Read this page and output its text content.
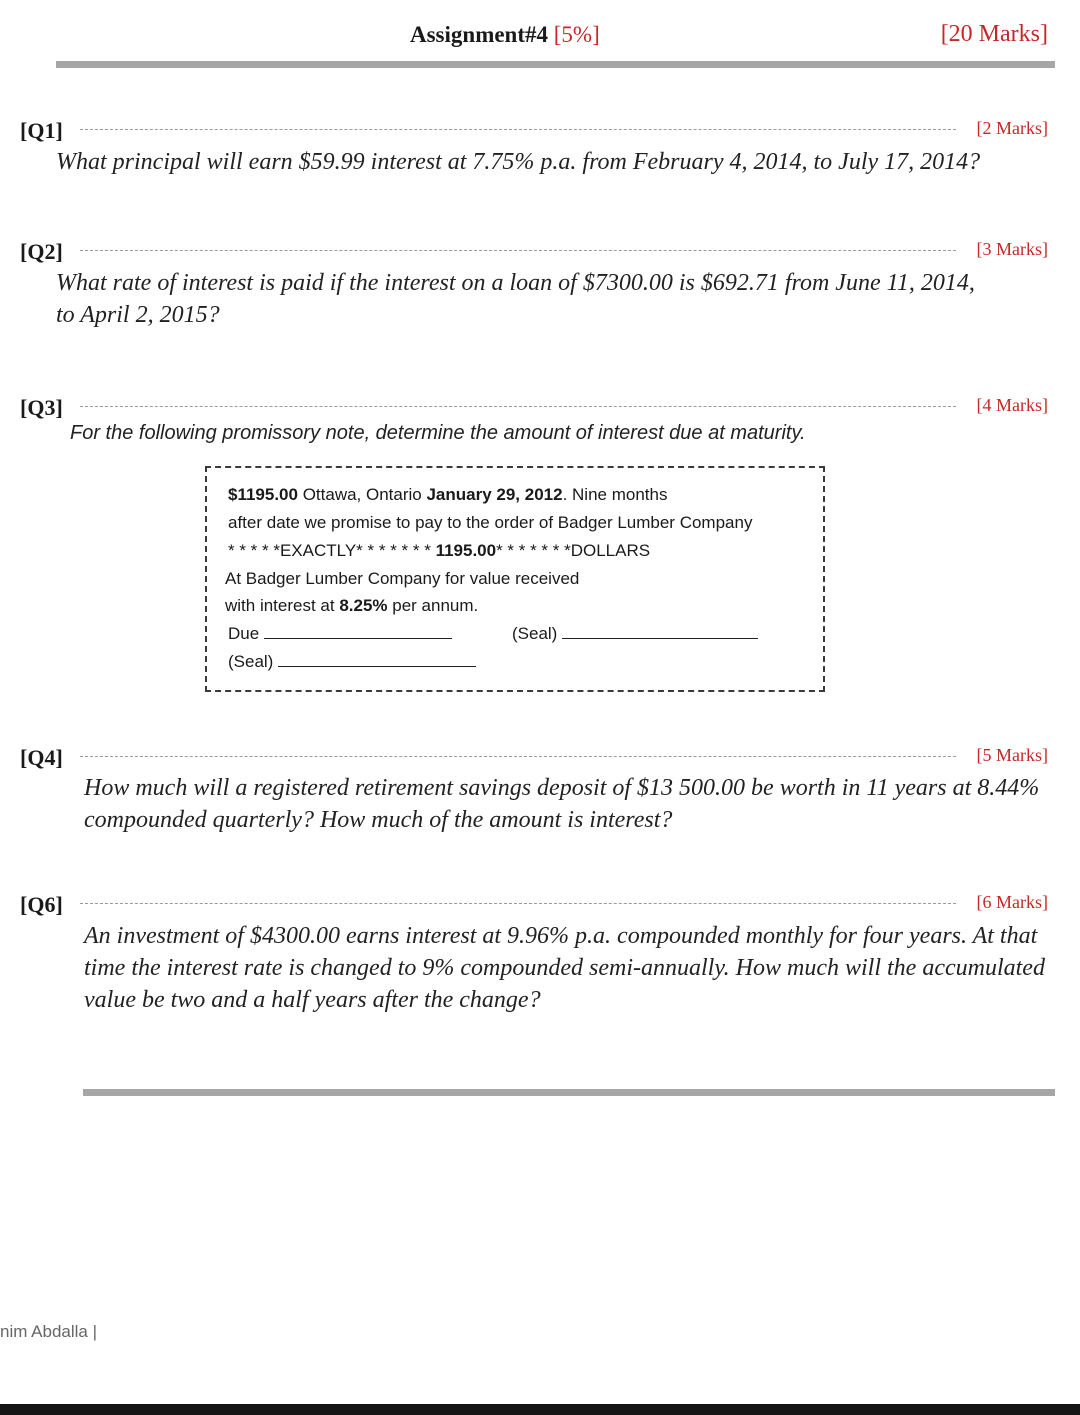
Assignment#4 [5%]	[20 Marks]
[Q1]	[2 Marks]
What principal will earn $59.99 interest at 7.75% p.a. from February 4, 2014, to July 17, 2014?
[Q2]	[3 Marks]
What rate of interest is paid if the interest on a loan of $7300.00 is $692.71 from June 11, 2014,
to April 2, 2015?
[Q3]	[4 Marks]
For the following promissory note, determine the amount of interest due at maturity.
$1195.00 Ottawa, Ontario January 29, 2012. Nine months
after date we promise to pay to the order of Badger Lumber Company
* * * * *EXACTLY* * * * * * * 1195.00* * * * * * *DOLLARS
At Badger Lumber Company for value received
with interest at 8.25% per annum.
Due	(Seal)
(Seal)
[Q4]	[5 Marks]
How much will a registered retirement savings deposit of $13 500.00 be worth in 11 years at 8.44%
compounded quarterly? How much of the amount is interest?
[Q6]	[6 Marks]
An investment of $4300.00 earns interest at 9.96% p.a. compounded monthly for four years. At that
time the interest rate is changed to 9% compounded semi-annually. How much will the accumulated
value be two and a half years after the change?
nim Abdalla |
